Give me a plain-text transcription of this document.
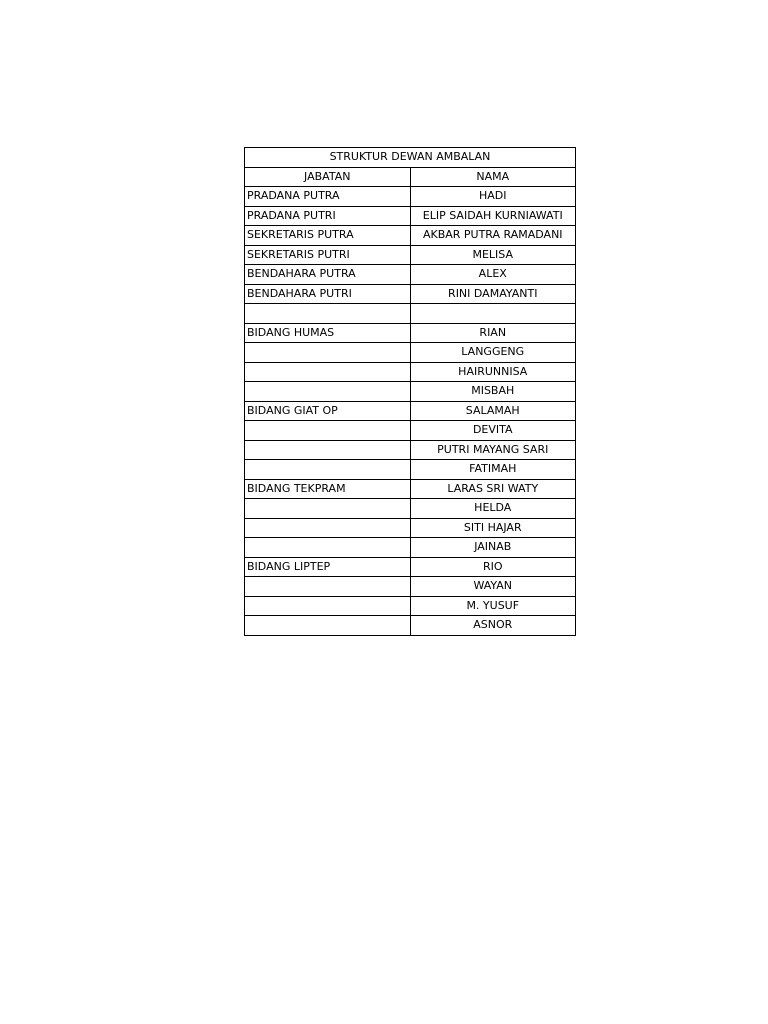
STRUKTUR DEWAN AMBALAN	
JABATAN	NAMA
PRADANA PUTRA	HADI
PRADANA PUTRI	ELIP SAIDAH KURNIAWATI
SEKRETARIS PUTRA	AKBAR PUTRA RAMADANI
SEKRETARIS PUTRI	MELISA
BENDAHARA PUTRA	ALEX
BENDAHARA PUTRI	RINI DAMAYANTI

BIDANG HUMAS	RIAN
	LANGGENG
	HAIRUNNISA
	MISBAH
BIDANG GIAT OP	SALAMAH
	DEVITA
	PUTRI MAYANG SARI
	FATIMAH
BIDANG TEKPRAM	LARAS SRI WATY
	HELDA
	SITI HAJAR
	JAINAB
BIDANG LIPTEP	RIO
	WAYAN
	M. YUSUF
	ASNOR
